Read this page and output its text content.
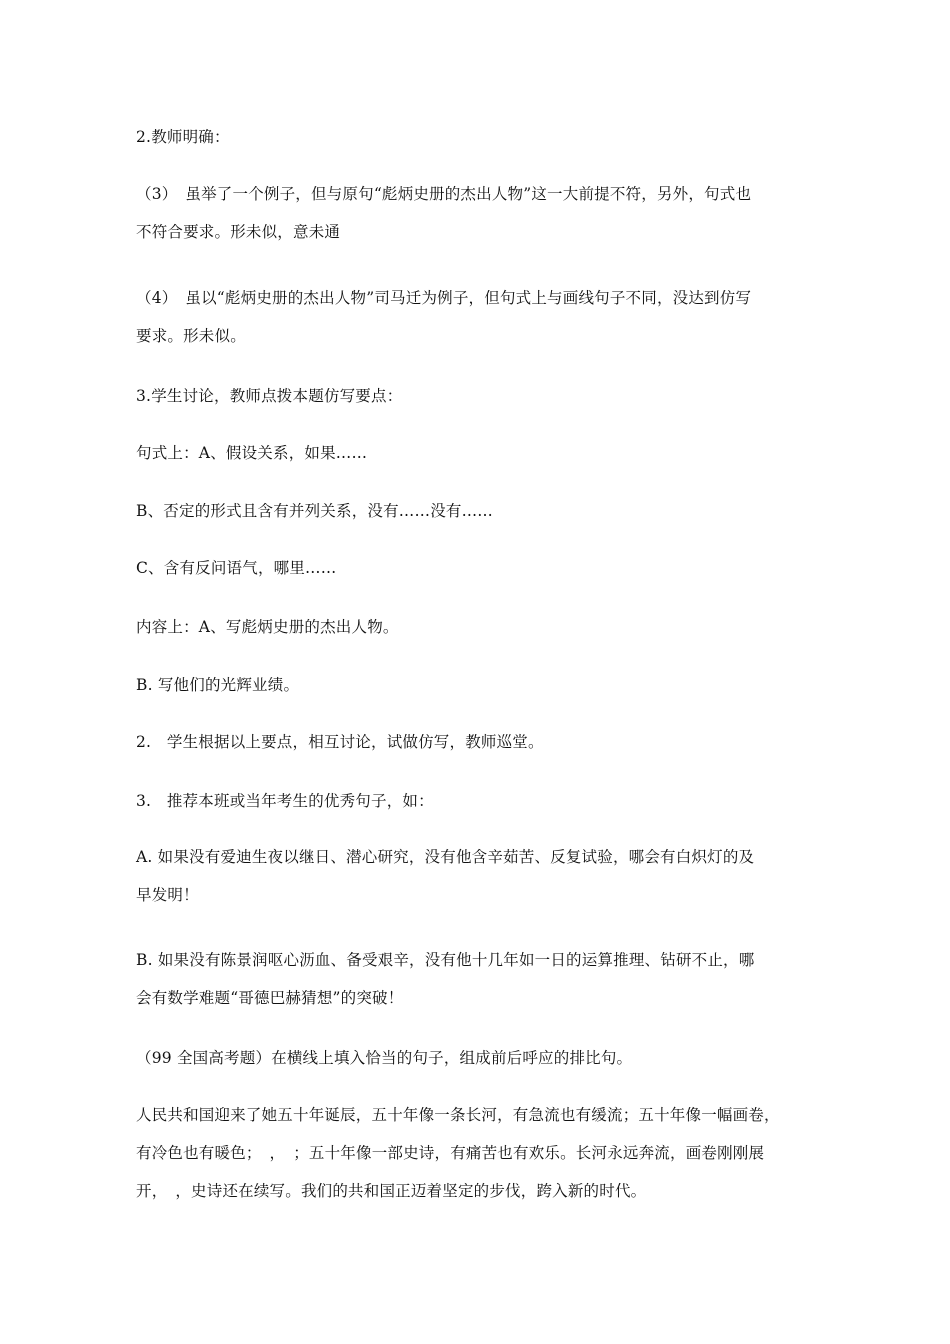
2.教师明确：

（3）　虽举了一个例子，但与原句“彪炳史册的杰出人物”这一大前提不符，另外，句式也
不符合要求。形未似，意未通

（4）　虽以“彪炳史册的杰出人物”司马迁为例子，但句式上与画线句子不同，没达到仿写
要求。形未似。

3.学生讨论，教师点拨本题仿写要点：

句式上：A、假设关系，如果……

B、否定的形式且含有并列关系，没有……没有……

C、含有反问语气，哪里……

内容上：A、写彪炳史册的杰出人物。

B. 写他们的光辉业绩。

2.　学生根据以上要点，相互讨论，试做仿写，教师巡堂。

3.　推荐本班或当年考生的优秀句子，如：

A. 如果没有爱迪生夜以继日、潜心研究，没有他含辛茹苦、反复试验，哪会有白炽灯的及
早发明！

B. 如果没有陈景润呕心沥血、备受艰辛，没有他十几年如一日的运算推理、钻研不止，哪
会有数学难题“哥德巴赫猜想”的突破！

（99 全国高考题）在横线上填入恰当的句子，组成前后呼应的排比句。

人民共和国迎来了她五十年诞辰，五十年像一条长河，有急流也有缓流；五十年像一幅画卷，
有冷色也有暖色；　，　；五十年像一部史诗，有痛苦也有欢乐。长河永远奔流，画卷刚刚展
开，　，史诗还在续写。我们的共和国正迈着坚定的步伐，跨入新的时代。
